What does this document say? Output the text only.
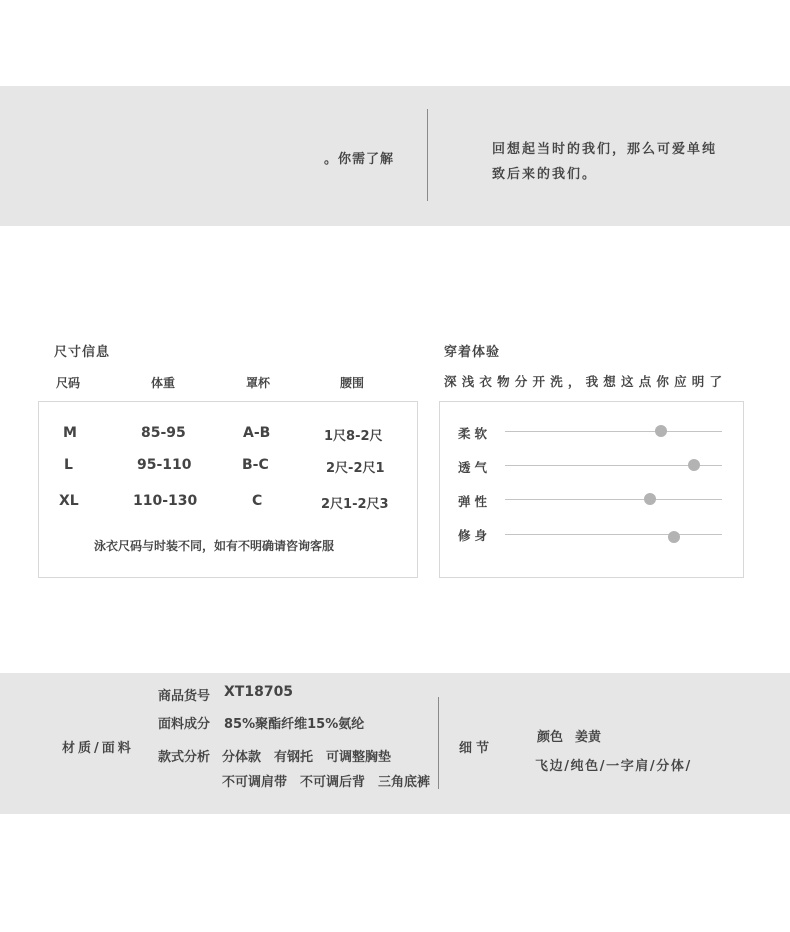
。你需了解
回想起当时的我们，那么可爱单纯
致后来的我们。
尺寸信息
尺码	体重	罩杯	腰围
M	85-95	A-B	1尺8-2尺
L	95-110	B-C	2尺-2尺1
XL	110-130	C	2尺1-2尺3
泳衣尺码与时装不同，如有不明确请咨询客服
穿着体验
深浅衣物分开洗，我想这点你应明了
柔软
透气
弹性
修身
材质/面料
商品货号 XT18705
面料成分 85%聚酯纤维15%氨纶
款式分析 分体款　有钢托　可调整胸垫
不可调肩带　不可调后背　三角底裤
细节
颜色 姜黄
飞边/纯色/一字肩/分体/
